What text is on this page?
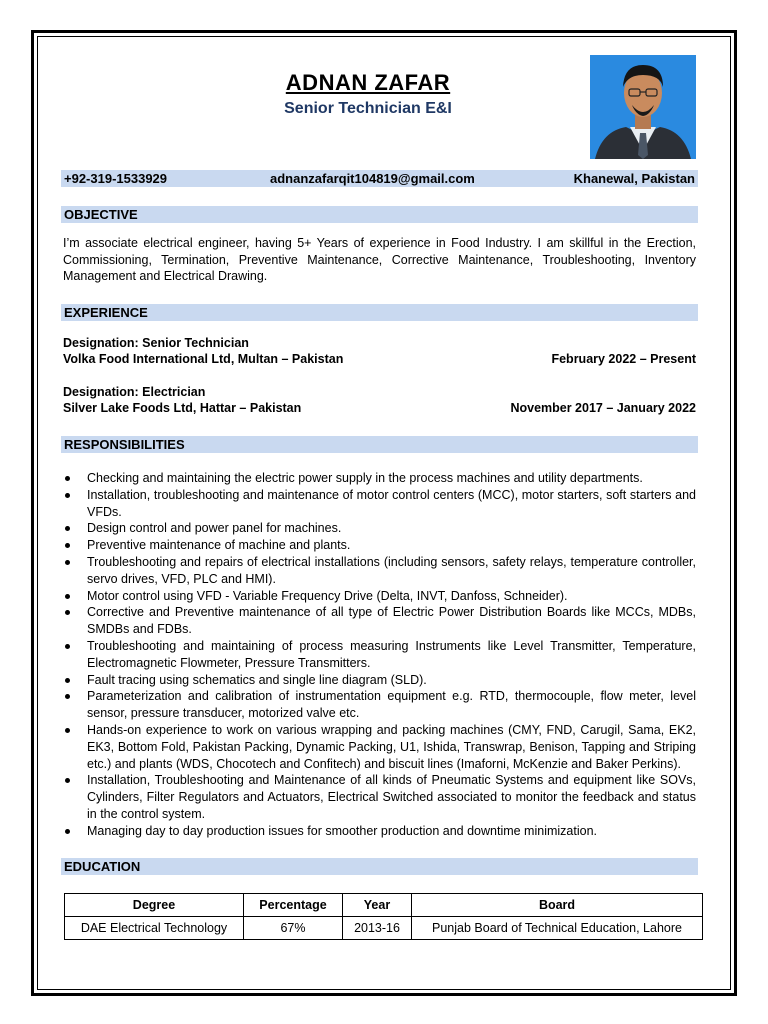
ADNAN ZAFAR
Senior Technician E&I
+92-319-1533929	adnanzafarqit104819@gmail.com	Khanewal, Pakistan
OBJECTIVE
I’m associate electrical engineer, having 5+ Years of experience in Food Industry. I am skillful in the Erection, Commissioning, Termination, Preventive Maintenance, Corrective Maintenance, Troubleshooting, Inventory Management and Electrical Drawing.
EXPERIENCE
Designation: Senior Technician
Volka Food International Ltd, Multan – Pakistan	February 2022 – Present
Designation: Electrician
Silver Lake Foods Ltd, Hattar – Pakistan	November 2017 – January 2022
RESPONSIBILITIES
Checking and maintaining the electric power supply in the process machines and utility departments.
Installation, troubleshooting and maintenance of motor control centers (MCC), motor starters, soft starters and VFDs.
Design control and power panel for machines.
Preventive maintenance of machine and plants.
Troubleshooting and repairs of electrical installations (including sensors, safety relays, temperature controller, servo drives, VFD, PLC and HMI).
Motor control using VFD - Variable Frequency Drive (Delta, INVT, Danfoss, Schneider).
Corrective and Preventive maintenance of all type of Electric Power Distribution Boards like MCCs, MDBs, SMDBs and FDBs.
Troubleshooting and maintaining of process measuring Instruments like Level Transmitter, Temperature, Electromagnetic Flowmeter, Pressure Transmitters.
Fault tracing using schematics and single line diagram (SLD).
Parameterization and calibration of instrumentation equipment e.g. RTD, thermocouple, flow meter, level sensor, pressure transducer, motorized valve etc.
Hands-on experience to work on various wrapping and packing machines (CMY, FND, Carugil, Sama, EK2, EK3, Bottom Fold, Pakistan Packing, Dynamic Packing, U1, Ishida, Transwrap, Benison, Tapping and Striping etc.) and plants (WDS, Chocotech and Confitech) and biscuit lines (Imaforni, McKenzie and Baker Perkins).
Installation, Troubleshooting and Maintenance of all kinds of Pneumatic Systems and equipment like SOVs, Cylinders, Filter Regulators and Actuators, Electrical Switched associated to monitor the feedback and status in the control system.
Managing day to day production issues for smoother production and downtime minimization.
EDUCATION
Degree	Percentage	Year	Board
DAE Electrical Technology	67%	2013-16	Punjab Board of Technical Education, Lahore
